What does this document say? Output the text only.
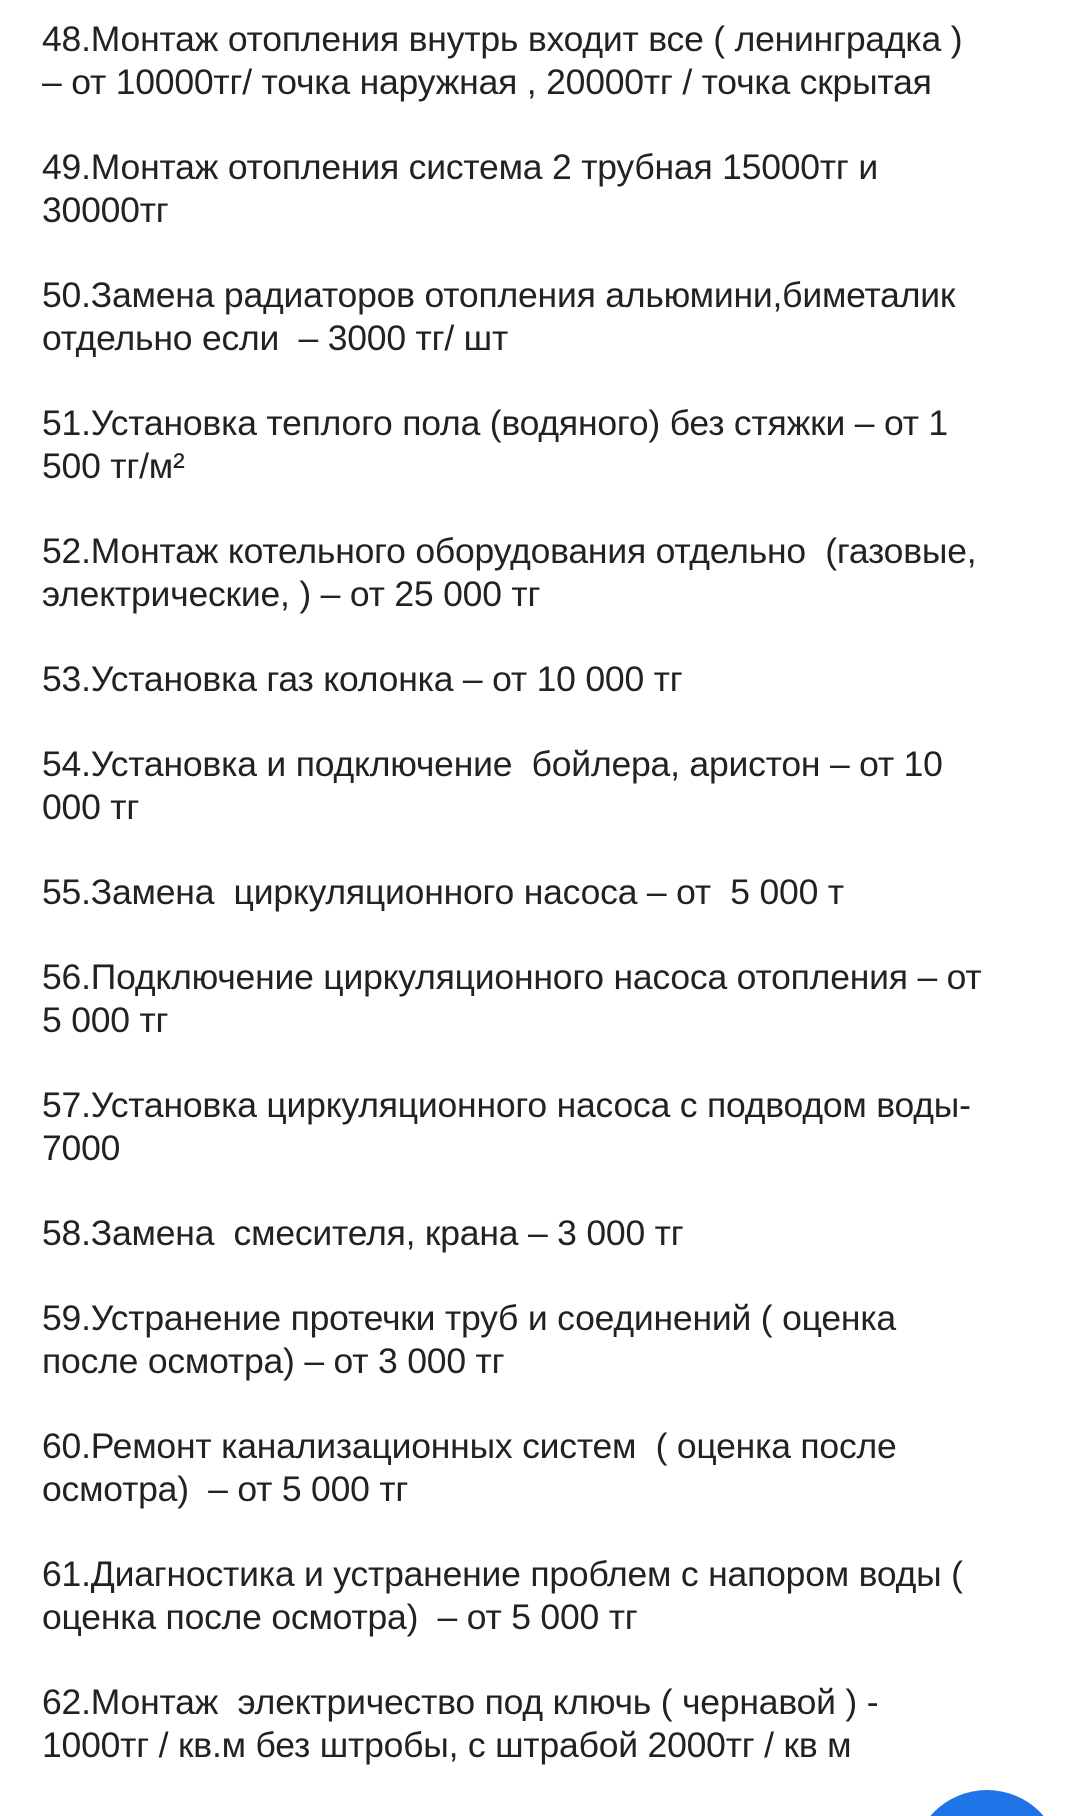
48.Монтаж отопления внутрь входит все ( ленинградка )
– от 10000тг/ точка наружная , 20000тг / точка скрытая
49.Монтаж отопления система 2 трубная 15000тг и
30000тг
50.Замена радиаторов отопления альюмини,биметалик
отдельно если  – 3000 тг/ шт
51.Установка теплого пола (водяного) без стяжки – от 1
500 тг/м²
52.Монтаж котельного оборудования отдельно  (газовые,
электрические, ) – от 25 000 тг
53.Установка газ колонка – от 10 000 тг
54.Установка и подключение  бойлера, аристон – от 10
000 тг
55.Замена  циркуляционного насоса – от  5 000 т
56.Подключение циркуляционного насоса отопления – от
5 000 тг
57.Установка циркуляционного насоса с подводом воды-
7000
58.Замена  смесителя, крана – 3 000 тг
59.Устранение протечки труб и соединений ( оценка
после осмотра) – от 3 000 тг
60.Ремонт канализационных систем  ( оценка после
осмотра)  – от 5 000 тг
61.Диагностика и устранение проблем с напором воды (
оценка после осмотра)  – от 5 000 тг
62.Монтаж  электричество под ключь ( чернавой ) -
1000тг / кв.м без штробы, с штрабой 2000тг / кв м
